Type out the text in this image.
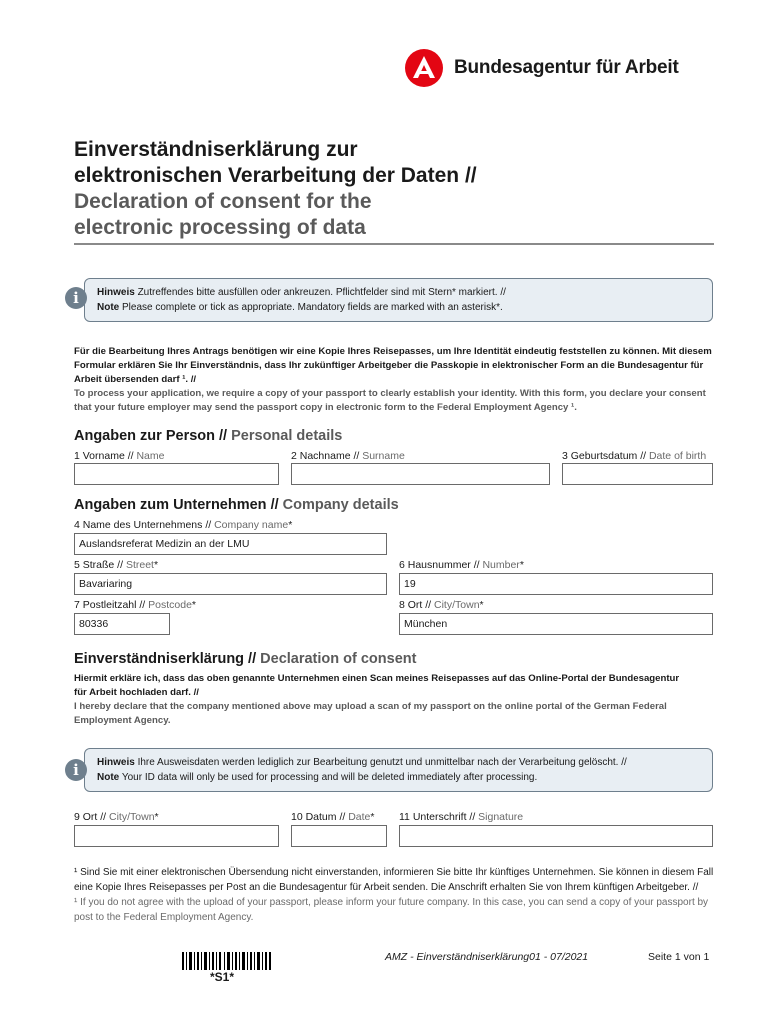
Bundesagentur für Arbeit
Einverständniserklärung zur
elektronischen Verarbeitung der Daten //
Declaration of consent for the
electronic processing of data
Hinweis Zutreffendes bitte ausfüllen oder ankreuzen. Pflichtfelder sind mit Stern* markiert. //
Note Please complete or tick as appropriate. Mandatory fields are marked with an asterisk*.
i
Für die Bearbeitung Ihres Antrags benötigen wir eine Kopie Ihres Reisepasses, um Ihre Identität eindeutig feststellen zu können. Mit diesem Formular erklären Sie Ihr Einverständnis, dass Ihr zukünftiger Arbeitgeber die Passkopie in elektronischer Form an die Bundesagentur für Arbeit übersenden darf ¹. //
To process your application, we require a copy of your passport to clearly establish your identity. With this form, you declare your consent that your future employer may send the passport copy in electronic form to the Federal Employment Agency ¹.
Angaben zur Person // Personal details
1 Vorname // Name	2 Nachname // Surname	3 Geburtsdatum // Date of birth
Angaben zum Unternehmen // Company details
4 Name des Unternehmens // Company name*
Auslandsreferat Medizin an der LMU
5 Straße // Street*
Bavariaring
6 Hausnummer // Number*
19
7 Postleitzahl // Postcode*
80336
8 Ort // City/Town*
München
Einverständniserklärung // Declaration of consent
Hiermit erkläre ich, dass das oben genannte Unternehmen einen Scan meines Reisepasses auf das Online-Portal der Bundesagentur für Arbeit hochladen darf. //
I hereby declare that the company mentioned above may upload a scan of my passport on the online portal of the German Federal Employment Agency.
Hinweis Ihre Ausweisdaten werden lediglich zur Bearbeitung genutzt und unmittelbar nach der Verarbeitung gelöscht. //
Note Your ID data will only be used for processing and will be deleted immediately after processing.
i
9 Ort // City/Town*	10 Datum // Date* 11 Unterschrift // Signature
¹ Sind Sie mit einer elektronischen Übersendung nicht einverstanden, informieren Sie bitte Ihr künftiges Unternehmen. Sie können in diesem Fall eine Kopie Ihres Reisepasses per Post an die Bundesagentur für Arbeit senden. Die Anschrift erhalten Sie von Ihrem künftigen Arbeitgeber. //
¹ If you do not agree with the upload of your passport, please inform your future company. In this case, you can send a copy of your passport by post to the Federal Employment Agency.
*S1*
AMZ - Einverständniserklärung01 - 07/2021	Seite 1 von 1
